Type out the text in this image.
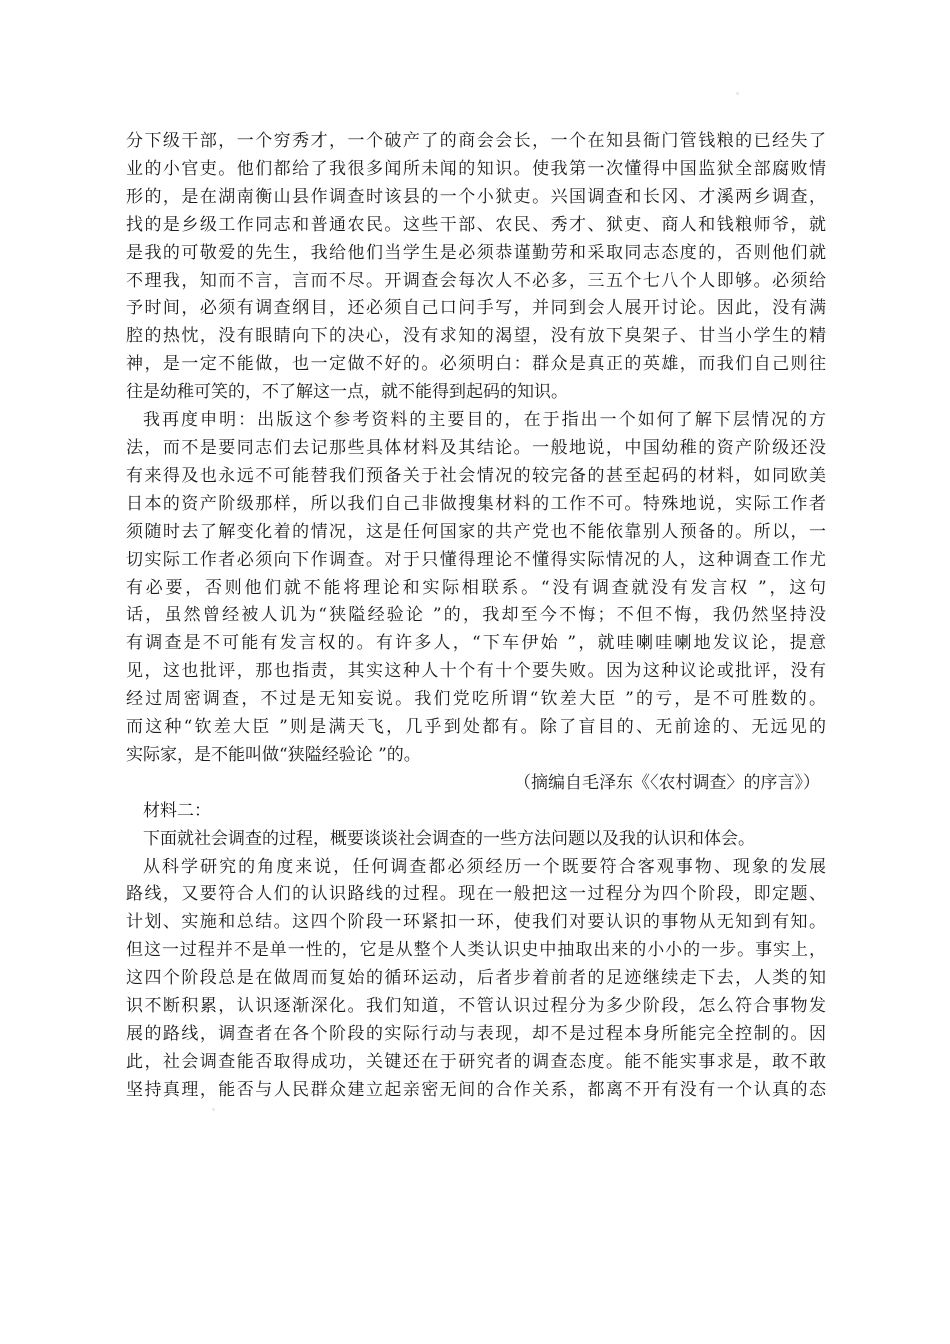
分下级干部，一个穷秀才，一个破产了的商会会长，一个在知县衙门管钱粮的已经失了
业的小官吏。他们都给了我很多闻所未闻的知识。使我第一次懂得中国监狱全部腐败情
形的，是在湖南衡山县作调查时该县的一个小狱吏。兴国调查和长冈、才溪两乡调查，
找的是乡级工作同志和普通农民。这些干部、农民、秀才、狱吏、商人和钱粮师爷，就
是我的可敬爱的先生，我给他们当学生是必须恭谨勤劳和采取同志态度的，否则他们就
不理我，知而不言，言而不尽。开调查会每次人不必多，三五个七八个人即够。必须给
予时间，必须有调查纲目，还必须自己口问手写，并同到会人展开讨论。因此，没有满
腔的热忱，没有眼睛向下的决心，没有求知的渴望，没有放下臭架子、甘当小学生的精
神，是一定不能做，也一定做不好的。必须明白：群众是真正的英雄，而我们自己则往
往是幼稚可笑的，不了解这一点，就不能得到起码的知识。
我再度申明：出版这个参考资料的主要目的，在于指出一个如何了解下层情况的方
法，而不是要同志们去记那些具体材料及其结论。一般地说，中国幼稚的资产阶级还没
有来得及也永远不可能替我们预备关于社会情况的较完备的甚至起码的材料，如同欧美
日本的资产阶级那样，所以我们自己非做搜集材料的工作不可。特殊地说，实际工作者
须随时去了解变化着的情况，这是任何国家的共产党也不能依靠别人预备的。所以，一
切实际工作者必须向下作调查。对于只懂得理论不懂得实际情况的人，这种调查工作尤
有必要，否则他们就不能将理论和实际相联系。“没有调查就没有发言权 ”，这句
话，虽然曾经被人讥为“狭隘经验论 ”的，我却至今不悔；不但不悔，我仍然坚持没
有调查是不可能有发言权的。有许多人，“下车伊始 ”，就哇喇哇喇地发议论，提意
见，这也批评，那也指责，其实这种人十个有十个要失败。因为这种议论或批评，没有
经过周密调查，不过是无知妄说。我们党吃所谓“钦差大臣 ”的亏，是不可胜数的。
而这种“钦差大臣 ”则是满天飞，几乎到处都有。除了盲目的、无前途的、无远见的
实际家，是不能叫做“狭隘经验论 ”的。

（摘编自毛泽东《〈农村调查〉的序言》）

材料二：

下面就社会调查的过程，概要谈谈社会调查的一些方法问题以及我的认识和体会。

从科学研究的角度来说，任何调查都必须经历一个既要符合客观事物、现象的发展
路线，又要符合人们的认识路线的过程。现在一般把这一过程分为四个阶段，即定题、
计划、实施和总结。这四个阶段一环紧扣一环，使我们对要认识的事物从无知到有知。
但这一过程并不是单一性的，它是从整个人类认识史中抽取出来的小小的一步。事实上，
这四个阶段总是在做周而复始的循环运动，后者步着前者的足迹继续走下去，人类的知
识不断积累，认识逐渐深化。我们知道，不管认识过程分为多少阶段，怎么符合事物发
展的路线，调查者在各个阶段的实际行动与表现，却不是过程本身所能完全控制的。因
此，社会调查能否取得成功，关键还在于研究者的调查态度。能不能实事求是，敢不敢
坚持真理，能否与人民群众建立起亲密无间的合作关系，都离不开有没有一个认真的态
